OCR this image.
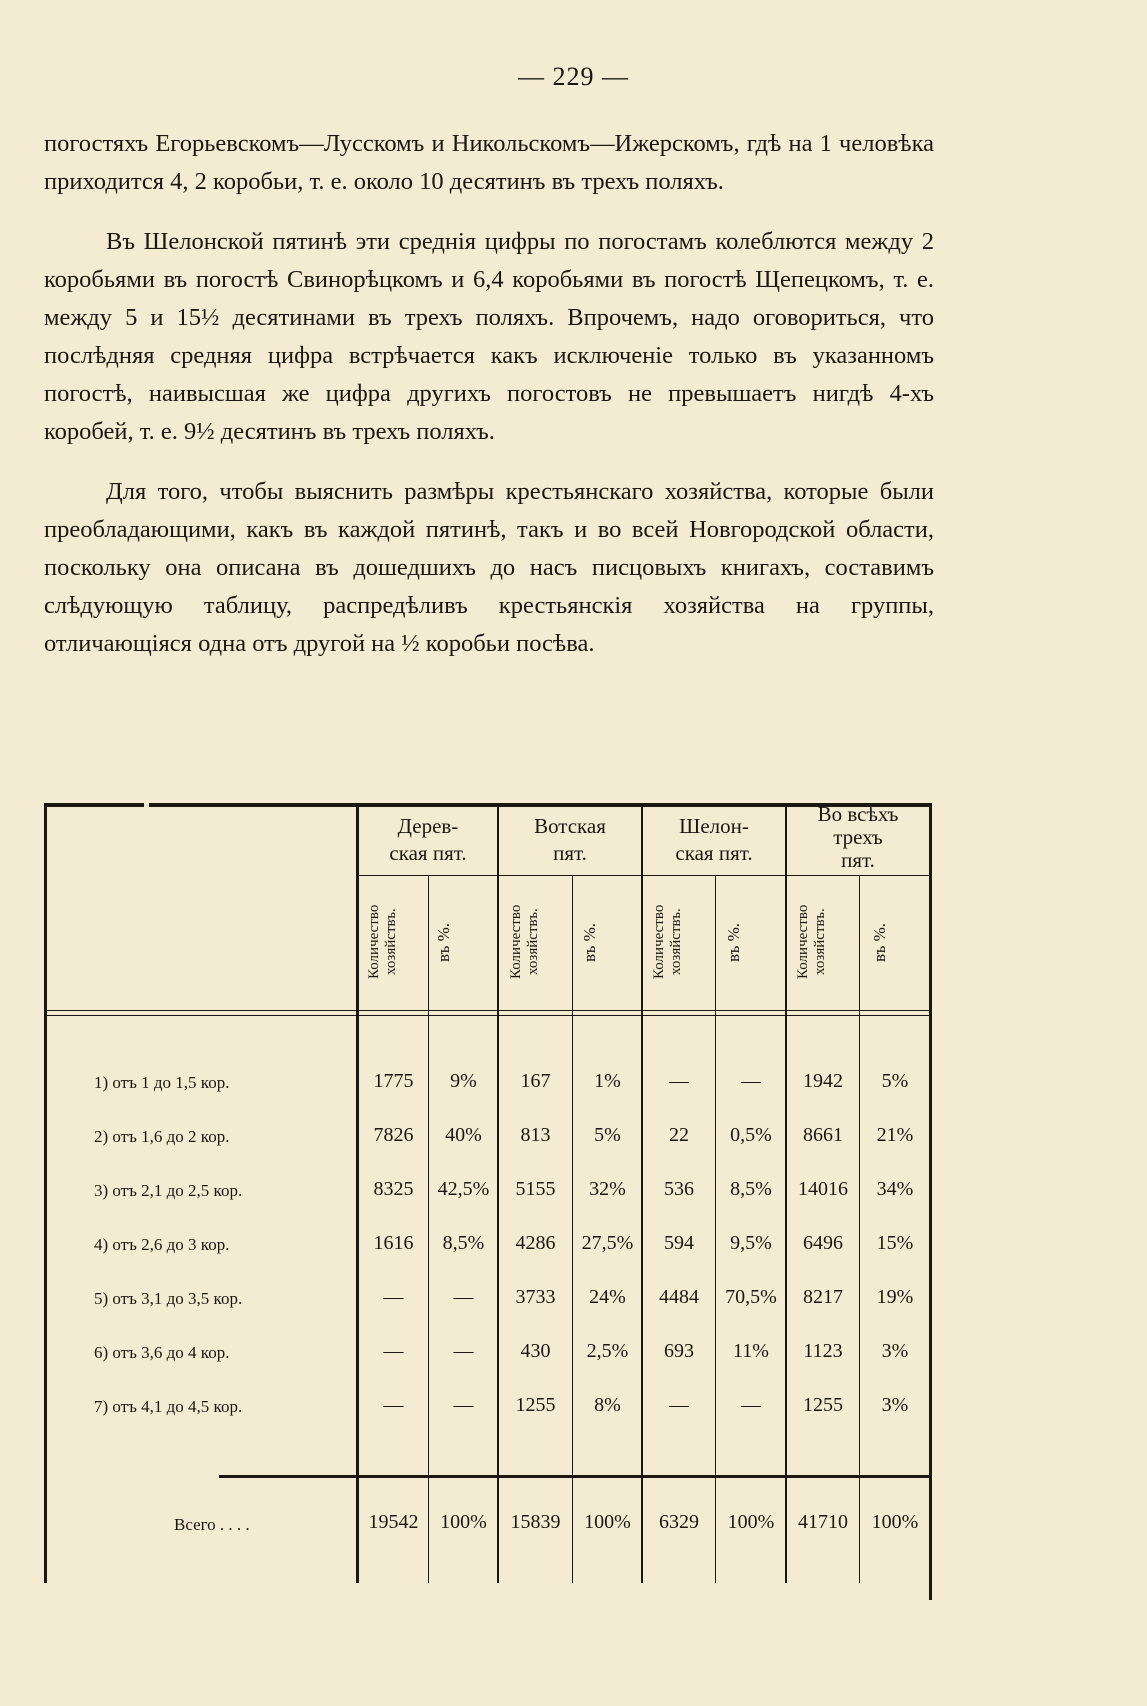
— 229 —

погостяхъ Егорьевскомъ—Лусскомъ и Никольскомъ—Ижерскомъ, гдѣ на 1 человѣка приходится 4, 2 коробьи, т. е. около 10 десятинъ въ трехъ поляхъ.

Въ Шелонской пятинѣ эти среднія цифры по погостамъ колеблются между 2 коробьями въ погостѣ Свинорѣцкомъ и 6,4 коробьями въ погостѣ Щепецкомъ, т. е. между 5 и 15½ десятинами въ трехъ поляхъ. Впрочемъ, надо оговориться, что послѣдняя средняя цифра встрѣчается какъ исключеніе только въ указанномъ погостѣ, наивысшая же цифра другихъ погостовъ не превышаетъ нигдѣ 4-хъ коробей, т. е. 9½ десятинъ въ трехъ поляхъ.

Для того, чтобы выяснить размѣры крестьянскаго хозяйства, которые были преобладающими, какъ въ каждой пятинѣ, такъ и во всей Новгородской области, поскольку она описана въ дошедшихъ до насъ писцовыхъ книгахъ, составимъ слѣдующую таблицу, распредѣливъ крестьянскія хозяйства на группы, отличающіяся одна отъ другой на ½ коробьи посѣва.

Дерев-
ская пят.
Вотская
пят.
Шелон-
ская пят.
Во всѣхъ
трехъ
пят.
Количество хозяйствъ.	въ %.	Количество хозяйствъ.	въ %.	Количество хозяйствъ.	въ %.	Количество хозяйствъ.	въ %.
1) отъ 1 до 1,5 кор.	1775	9%	167	1%	—	—	1942	5%
2) отъ 1,6 до 2 кор.	7826	40%	813	5%	22	0,5%	8661	21%
3) отъ 2,1 до 2,5 кор.	8325	42,5%	5155	32%	536	8,5%	14016	34%
4) отъ 2,6 до 3 кор.	1616	8,5%	4286	27,5%	594	9,5%	6496	15%
5) отъ 3,1 до 3,5 кор.	—	—	3733	24%	4484	70,5%	8217	19%
6) отъ 3,6 до 4 кор.	—	—	430	2,5%	693	11%	1123	3%
7) отъ 4,1 до 4,5 кор.	—	—	1255	8%	—	—	1255	3%
Всего . . . .	19542	100%	15839	100%	6329	100%	41710	100%
